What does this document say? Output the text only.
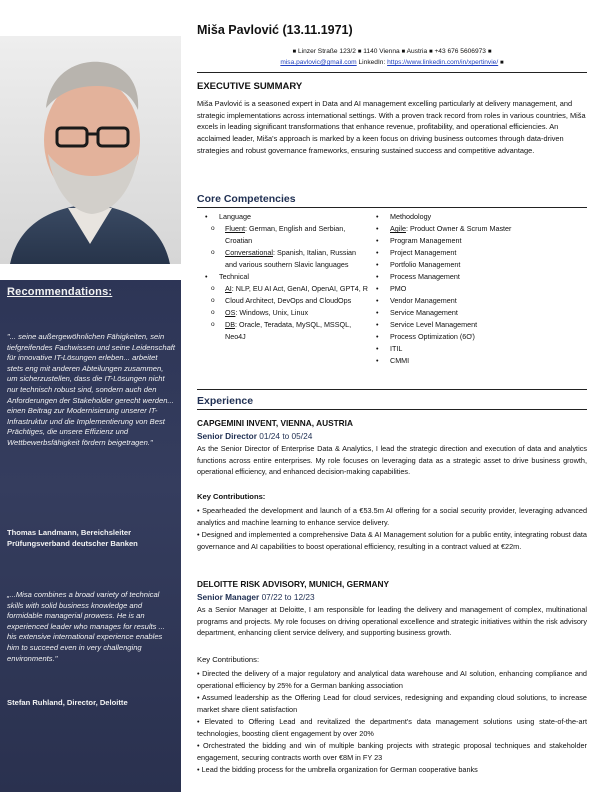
Recommendations:
"... seine außergewöhnlichen Fähigkeiten, sein tiefgreifendes Fachwissen und seine Leidenschaft für innovative IT-Lösungen erleben... arbeitet stets eng mit anderen Abteilungen zusammen, um sicherzustellen, dass die IT-Lösungen nicht nur technisch robust sind, sondern auch den Anforderungen der Stakeholder gerecht werden... einen Beitrag zur Modernisierung unserer IT-Infrastruktur und die Implementierung von Best Prächtiges, die unsere Effizienz und Wettbewerbsfähigkeit fördern beigetragen."
Thomas Landmann, Bereichsleiter Prüfungsverband deutscher Banken
„...Misa combines a broad variety of technical skills with solid business knowledge and formidable managerial prowess. He is an experienced leader who manages for results ... his extensive international experience enables him to succeed even in very challenging environments."
Stefan Ruhland, Director, Deloitte
Miša Pavlović (13.11.1971)
■ Linzer Straße 123/2 ■ 1140 Vienna ■ Austria ■ +43 676 5606973 ■
misa.pavlovic@gmail.com LinkedIn: https://www.linkedin.com/in/xpertinvie/ ■
EXECUTIVE SUMMARY
Miša Pavlović is a seasoned expert in Data and AI management excelling particularly at delivery management, and strategic implementations across international settings. With a proven track record from roles in various countries, Miša excels in leading significant transformations that enhance revenue, profitability, and operational efficiencies. An acclaimed leader, Miša's approach is marked by a keen focus on driving business outcomes through data-driven strategies and robust governance frameworks, ensuring sustained success and competitive advantage.
Core Competencies
• Language
o Fluent: German, English and Serbian, Croatian
o Conversational: Spanish, Italian, Russian and various southern Slavic languages
• Technical
o AI: NLP, EU AI Act, GenAI, OpenAI, GPT4, R
o Cloud Architect, DevOps and CloudOps
o OS: Windows, Unix, Linux
o DB: Oracle, Teradata, MySQL, MSSQL, Neo4J
• Methodology
• Agile: Product Owner & Scrum Master
• Program Management
• Project Management
• Portfolio Management
• Process Management
• PMO
• Vendor Management
• Service Management
• Service Level Management
• Process Optimization (6Ơ)
• ITIL
• CMMI
Experience
CAPGEMINI INVENT, VIENNA, AUSTRIA
Senior Director 01/24 to 05/24
As the Senior Director of Enterprise Data & Analytics, I lead the strategic direction and execution of data and analytics functions across entire enterprises. My role focuses on leveraging data as a strategic asset to drive business growth, operational efficiency, and enhanced decision-making capabilities.
Key Contributions:
• Spearheaded the development and launch of a €53.5m AI offering for a social security provider, leveraging advanced analytics and machine learning to enhance service delivery.
• Designed and implemented a comprehensive Data & AI Management solution for a public entity, integrating robust data governance and AI capabilities to boost operational efficiency, resulting in a contract valued at €22m.
DELOITTE RISK ADVISORY, MUNICH, GERMANY
Senior Manager 07/22 to 12/23
As a Senior Manager at Deloitte, I am responsible for leading the delivery and management of complex, multinational programs and projects. My role focuses on driving operational excellence and strategic initiatives within the risk advisory department, enhancing client service delivery, and supporting business growth.
Key Contributions:
• Directed the delivery of a major regulatory and analytical data warehouse and AI solution, enhancing compliance and operational efficiency by 25% for a German banking association
• Assumed leadership as the Offering Lead for cloud services, redesigning and expanding cloud solutions, to increase market share client satisfaction
• Elevated to Offering Lead and revitalized the department's data management solutions using state-of-the-art technologies, boosting client engagement by over 20%
• Orchestrated the bidding and win of multiple banking projects with strategic proposal techniques and stakeholder engagement, securing contracts worth over €8M in FY 23
• Lead the bidding process for the umbrella organization for German cooperative banks
